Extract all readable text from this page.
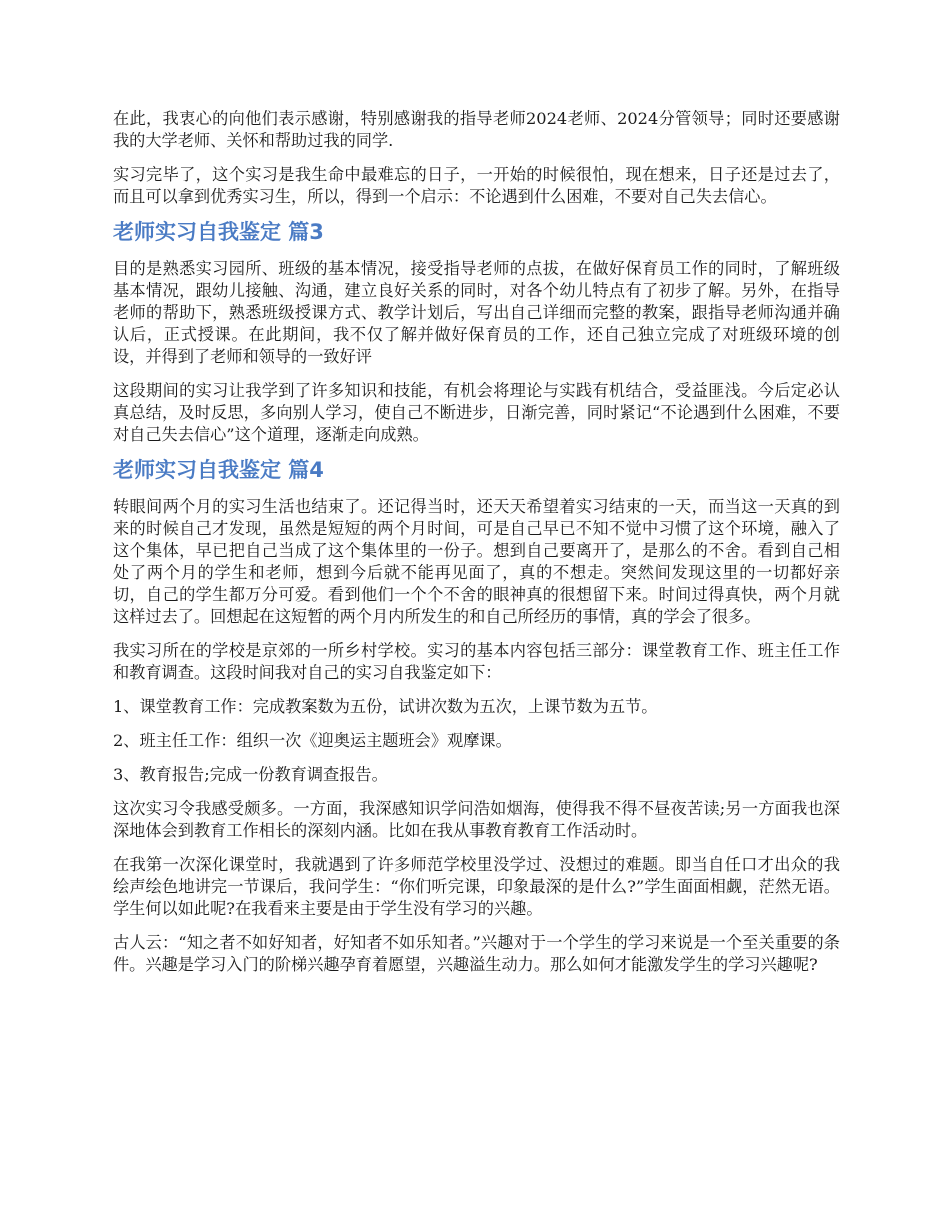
在此，我衷心的向他们表示感谢，特别感谢我的指导老师2024老师、2024分管领导；同时还要感谢我的大学老师、关怀和帮助过我的同学.

实习完毕了，这个实习是我生命中最难忘的日子，一开始的时候很怕，现在想来，日子还是过去了，而且可以拿到优秀实习生，所以，得到一个启示：不论遇到什么困难，不要对自己失去信心。

老师实习自我鉴定 篇3

目的是熟悉实习园所、班级的基本情况，接受指导老师的点拔，在做好保育员工作的同时，了解班级基本情况，跟幼儿接触、沟通，建立良好关系的同时，对各个幼儿特点有了初步了解。另外，在指导老师的帮助下，熟悉班级授课方式、教学计划后，写出自己详细而完整的教案，跟指导老师沟通并确认后，正式授课。在此期间，我不仅了解并做好保育员的工作，还自己独立完成了对班级环境的创设，并得到了老师和领导的一致好评

这段期间的实习让我学到了许多知识和技能，有机会将理论与实践有机结合，受益匪浅。今后定必认真总结，及时反思，多向别人学习，使自己不断进步，日渐完善，同时紧记“不论遇到什么困难，不要对自己失去信心”这个道理，逐渐走向成熟。

老师实习自我鉴定 篇4

转眼间两个月的实习生活也结束了。还记得当时，还天天希望着实习结束的一天，而当这一天真的到来的时候自己才发现，虽然是短短的两个月时间，可是自己早已不知不觉中习惯了这个环境，融入了这个集体，早已把自己当成了这个集体里的一份子。想到自己要离开了，是那么的不舍。看到自己相处了两个月的学生和老师，想到今后就不能再见面了，真的不想走。突然间发现这里的一切都好亲切，自己的学生都万分可爱。看到他们一个个不舍的眼神真的很想留下来。时间过得真快，两个月就这样过去了。回想起在这短暂的两个月内所发生的和自己所经历的事情，真的学会了很多。

我实习所在的学校是京郊的一所乡村学校。实习的基本内容包括三部分：课堂教育工作、班主任工作和教育调查。这段时间我对自己的实习自我鉴定如下：

1、课堂教育工作：完成教案数为五份，试讲次数为五次，上课节数为五节。

2、班主任工作：组织一次《迎奥运主题班会》观摩课。

3、教育报告;完成一份教育调查报告。

这次实习令我感受颇多。一方面，我深感知识学问浩如烟海，使得我不得不昼夜苦读;另一方面我也深深地体会到教育工作相长的深刻内涵。比如在我从事教育教育工作活动时。

在我第一次深化课堂时，我就遇到了许多师范学校里没学过、没想过的难题。即当自任口才出众的我绘声绘色地讲完一节课后，我问学生：“你们听完课，印象最深的是什么?”学生面面相觑，茫然无语。学生何以如此呢?在我看来主要是由于学生没有学习的兴趣。

古人云：“知之者不如好知者，好知者不如乐知者。”兴趣对于一个学生的学习来说是一个至关重要的条件。兴趣是学习入门的阶梯兴趣孕育着愿望，兴趣溢生动力。那么如何才能激发学生的学习兴趣呢?
